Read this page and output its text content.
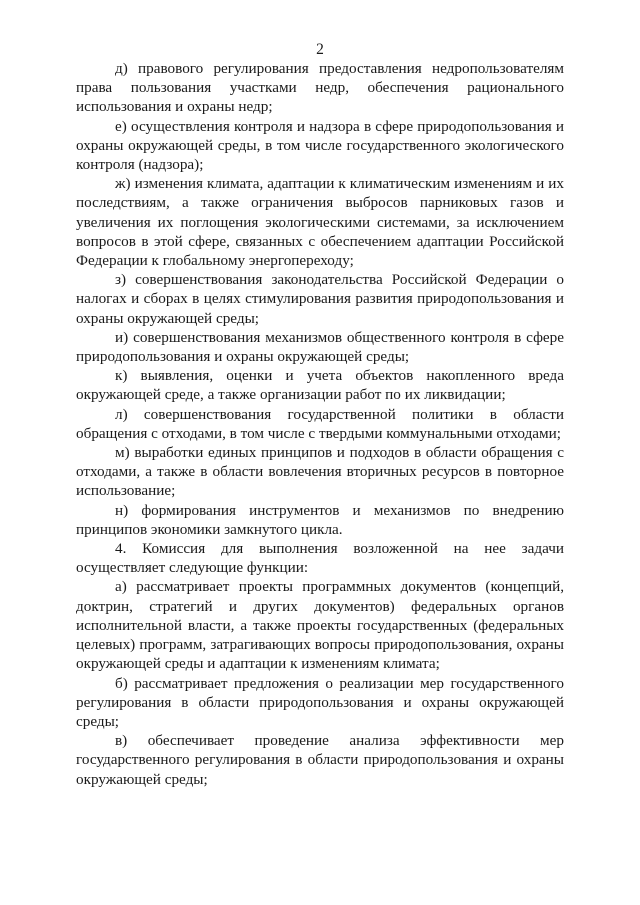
2

д) правового регулирования предоставления недропользователям права пользования участками недр, обеспечения рационального использования и охраны недр;

е) осуществления контроля и надзора в сфере природопользования и охраны окружающей среды, в том числе государственного экологического контроля (надзора);

ж) изменения климата, адаптации к климатическим изменениям и их последствиям, а также ограничения выбросов парниковых газов и увеличения их поглощения экологическими системами, за исключением вопросов в этой сфере, связанных с обеспечением адаптации Российской Федерации к глобальному энергопереходу;

з) совершенствования законодательства Российской Федерации о налогах и сборах в целях стимулирования развития природопользования и охраны окружающей среды;

и) совершенствования механизмов общественного контроля в сфере природопользования и охраны окружающей среды;

к) выявления, оценки и учета объектов накопленного вреда окружающей среде, а также организации работ по их ликвидации;

л) совершенствования государственной политики в области обращения с отходами, в том числе с твердыми коммунальными отходами;

м) выработки единых принципов и подходов в области обращения с отходами, а также в области вовлечения вторичных ресурсов в повторное использование;

н) формирования инструментов и механизмов по внедрению принципов экономики замкнутого цикла.

4. Комиссия для выполнения возложенной на нее задачи осуществляет следующие функции:

а) рассматривает проекты программных документов (концепций, доктрин, стратегий и других документов) федеральных органов исполнительной власти, а также проекты государственных (федеральных целевых) программ, затрагивающих вопросы природопользования, охраны окружающей среды и адаптации к изменениям климата;

б) рассматривает предложения о реализации мер государственного регулирования в области природопользования и охраны окружающей среды;

в) обеспечивает проведение анализа эффективности мер государственного регулирования в области природопользования и охраны окружающей среды;
